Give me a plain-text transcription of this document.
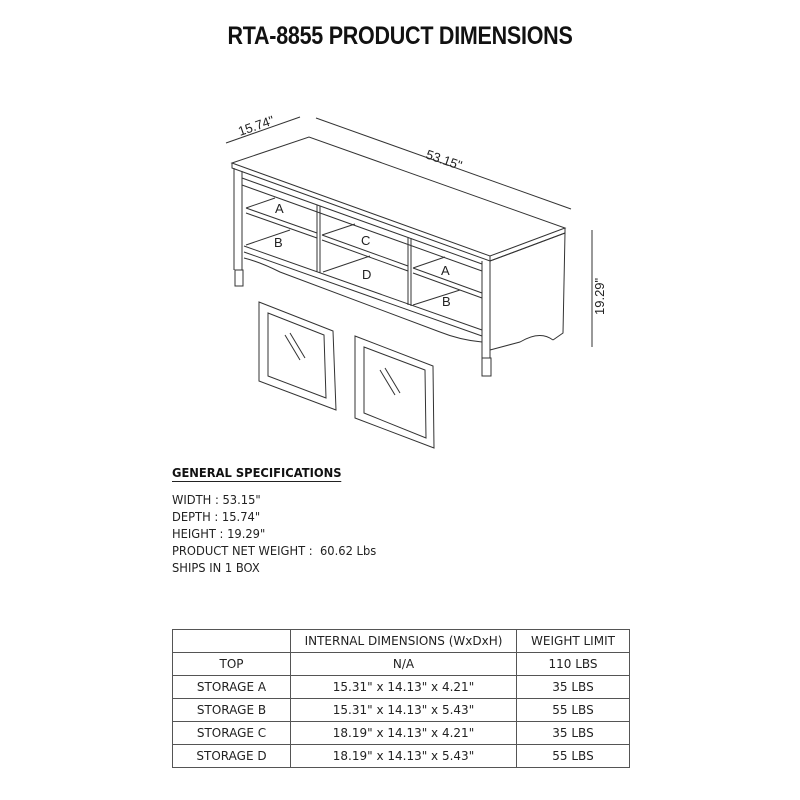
RTA-8855 PRODUCT DIMENSIONS
15.74"
53.15"
19.29"
A
B	C
D	A
B
GENERAL SPECIFICATIONS
WIDTH : 53.15"
DEPTH : 15.74"
HEIGHT : 19.29"
PRODUCT NET WEIGHT :  60.62 Lbs
SHIPS IN 1 BOX
	INTERNAL DIMENSIONS (WxDxH)	WEIGHT LIMIT
TOP	N/A	110 LBS
STORAGE A	15.31" x 14.13" x 4.21"	35 LBS
STORAGE B	15.31" x 14.13" x 5.43"	55 LBS
STORAGE C	18.19" x 14.13" x 4.21"	35 LBS
STORAGE D	18.19" x 14.13" x 5.43"	55 LBS
